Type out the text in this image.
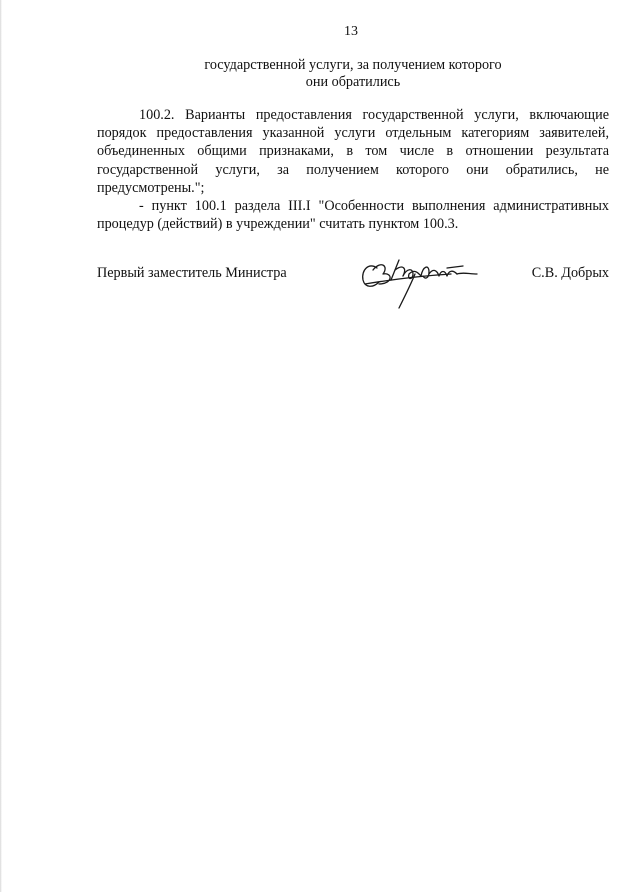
13
государственной услуги, за получением которого
они обратились

100.2. Варианты предоставления государственной услуги, включающие порядок предоставления указанной услуги отдельным категориям заявителей, объединенных общими признаками, в том числе в отношении результата государственной услуги, за получением которого они обратились, не предусмотрены.";

- пункт 100.1 раздела III.I "Особенности выполнения административных процедур (действий) в учреждении" считать пунктом 100.3.

Первый заместитель Министра	С.В. Добрых
